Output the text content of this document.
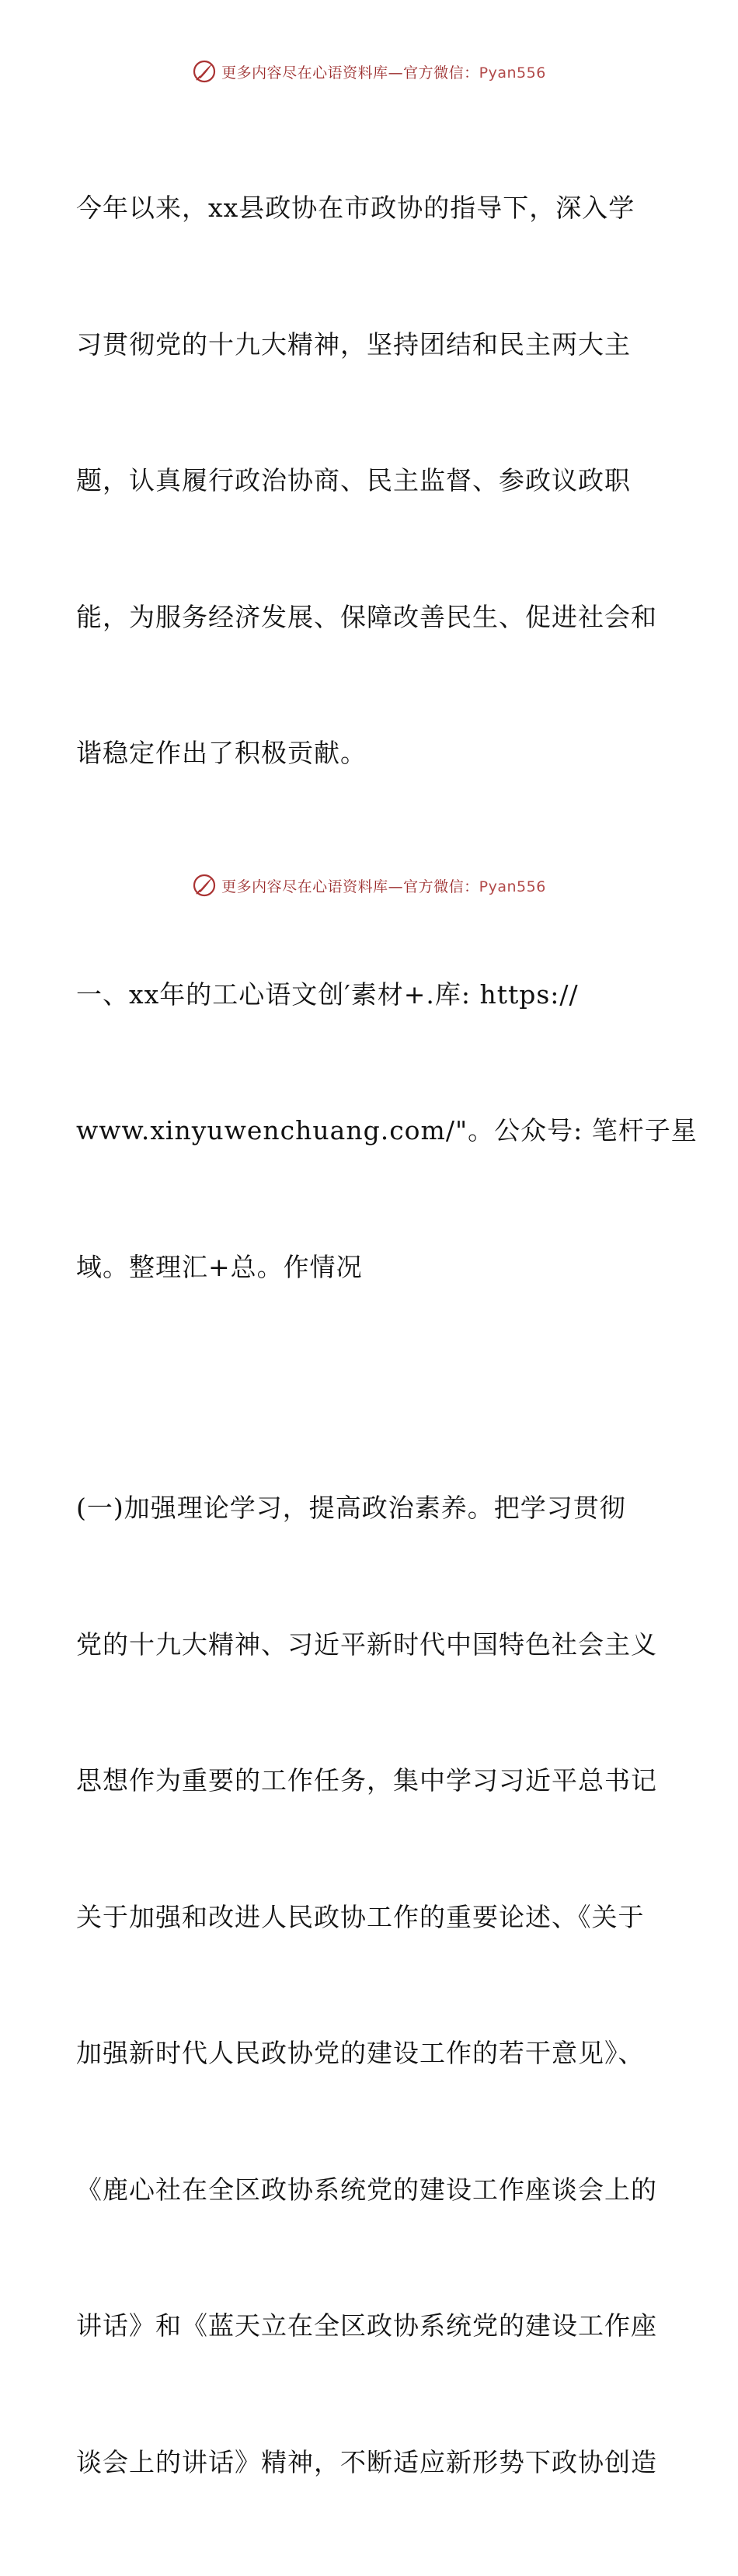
更多内容尽在心语资料库—官方微信：Pyan556

今年以来，xx县政协在市政协的指导下，深入学

习贯彻党的十九大精神，坚持团结和民主两大主

题，认真履行政治协商、民主监督、参政议政职

能，为服务经济发展、保障改善民生、促进社会和

谐稳定作出了积极贡献。

一、xx年的工心语文创′素材+.库: https://

www.xinyuwenchuang.com/"。公众号: 笔杆子星

域。整理汇+总。作情况

(一)加强理论学习，提高政治素养。把学习贯彻

党的十九大精神、习近平新时代中国特色社会主义

思想作为重要的工作任务，集中学习习近平总书记

关于加强和改进人民政协工作的重要论述、《关于

加强新时代人民政协党的建设工作的若干意见》、

《鹿心社在全区政协系统党的建设工作座谈会上的

讲话》和《蓝天立在全区政协系统党的建设工作座

谈会上的讲话》精神，不断适应新形势下政协创造

更多内容尽在心语资料库—官方微信：Pyan556
